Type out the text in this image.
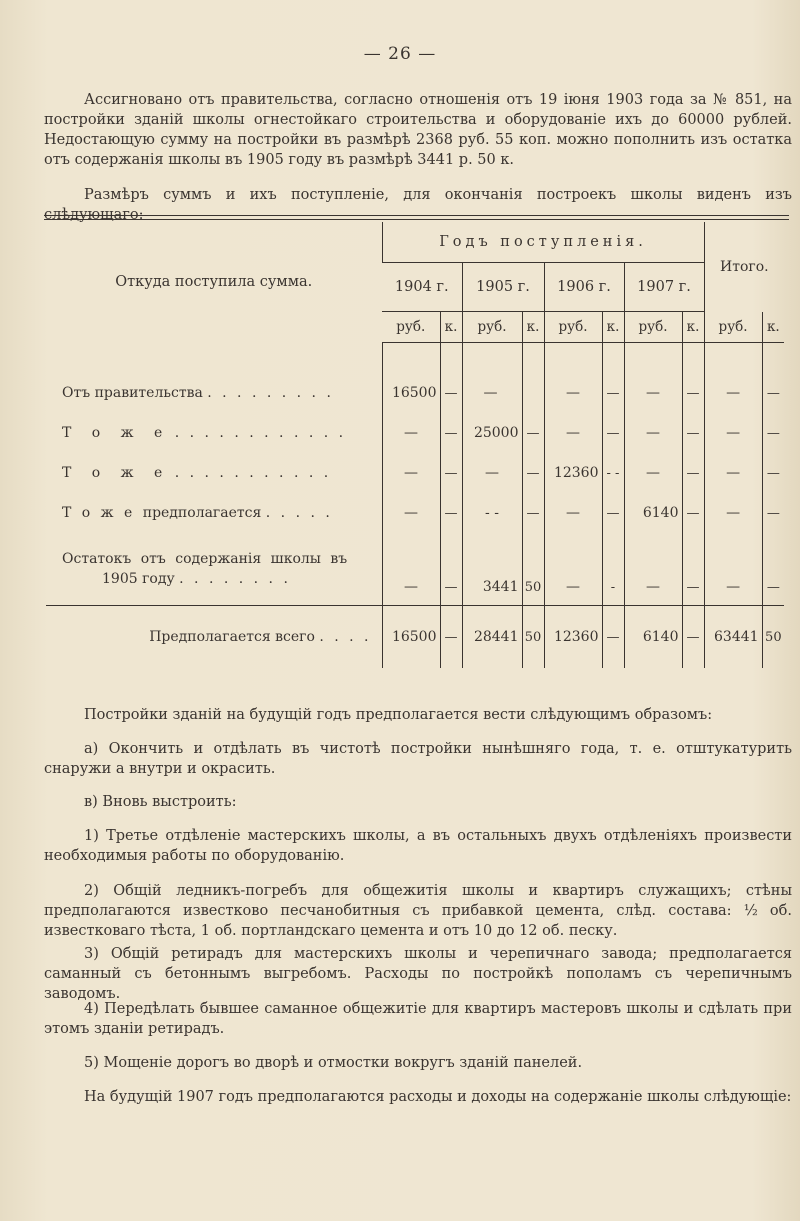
— 26 —

Ассигновано отъ правительства, согласно отношенія отъ 19 іюня 1903 года за № 851, на постройки зданій школы огнестойкаго строительства и оборудованіе ихъ до 60000 рублей. Недостающую сумму на постройки въ размѣрѣ 2368 руб. 55 коп. можно пополнить изъ остатка отъ содержанія школы въ 1905 году въ размѣрѣ 3441 р. 50 к.

Размѣръ суммъ и ихъ поступленіе, для окончанія построекъ школы виденъ изъ слѣдующаго:

Откуда поступила сумма.	Годъ поступленія.								Итого.	
	1904 г.		1905 г.		1906 г.		1907 г.			
	руб.	к.	руб.	к.	руб.	к.	руб.	к.	руб.	к.

Отъ правительства . . . . . . . . .	16500	—	—		—	—	—	—	—	—
Т о ж е . . . . . . . . . . . .	—	—	25000	—	—	—	—	—	—	—
Т о ж е . . . . . . . . . . .	—	—	—	—	12360	- -	—	—	—	—
Т о ж е предполагается . . . . .	—	—	- -	—	—	—	6140	—	—	—
Остатокъ отъ содержанія школы въ
1905 году . . . . . . . .	—	—	3441	50	—	-	—	—	—	—
Предполагается всего . . . .	16500	—	28441	50	12360	—	6140	—	63441	50

Постройки зданій на будущій годъ предполагается вести слѣдующимъ образомъ:

а) Окончить и отдѣлать въ чистотѣ постройки нынѣшняго года, т. е. отштукатурить снаружи а внутри и окрасить.

в) Вновь выстроить:

1) Третье отдѣленіе мастерскихъ школы, а въ остальныхъ двухъ отдѣленіяхъ произвести необходимыя работы по оборудованію.

2) Общій ледникъ-погребъ для общежитія школы и квартиръ служащихъ; стѣны предполагаются известково песчанобитныя съ прибавкой цемента, слѣд. состава: ½ об. известковаго тѣста, 1 об. портландскаго цемента и отъ 10 до 12 об. песку.

3) Общій ретирадъ для мастерскихъ школы и черепичнаго завода; предполагается саманный съ бетоннымъ выгребомъ. Расходы по постройкѣ пополамъ съ черепичнымъ заводомъ.

4) Передѣлать бывшее саманное общежитіе для квартиръ мастеровъ школы и сдѣлать при этомъ зданіи ретирадъ.

5) Мощеніе дорогъ во дворѣ и отмостки вокругъ зданій панелей.

На будущій 1907 годъ предполагаются расходы и доходы на содержаніе школы слѣдующіе:
